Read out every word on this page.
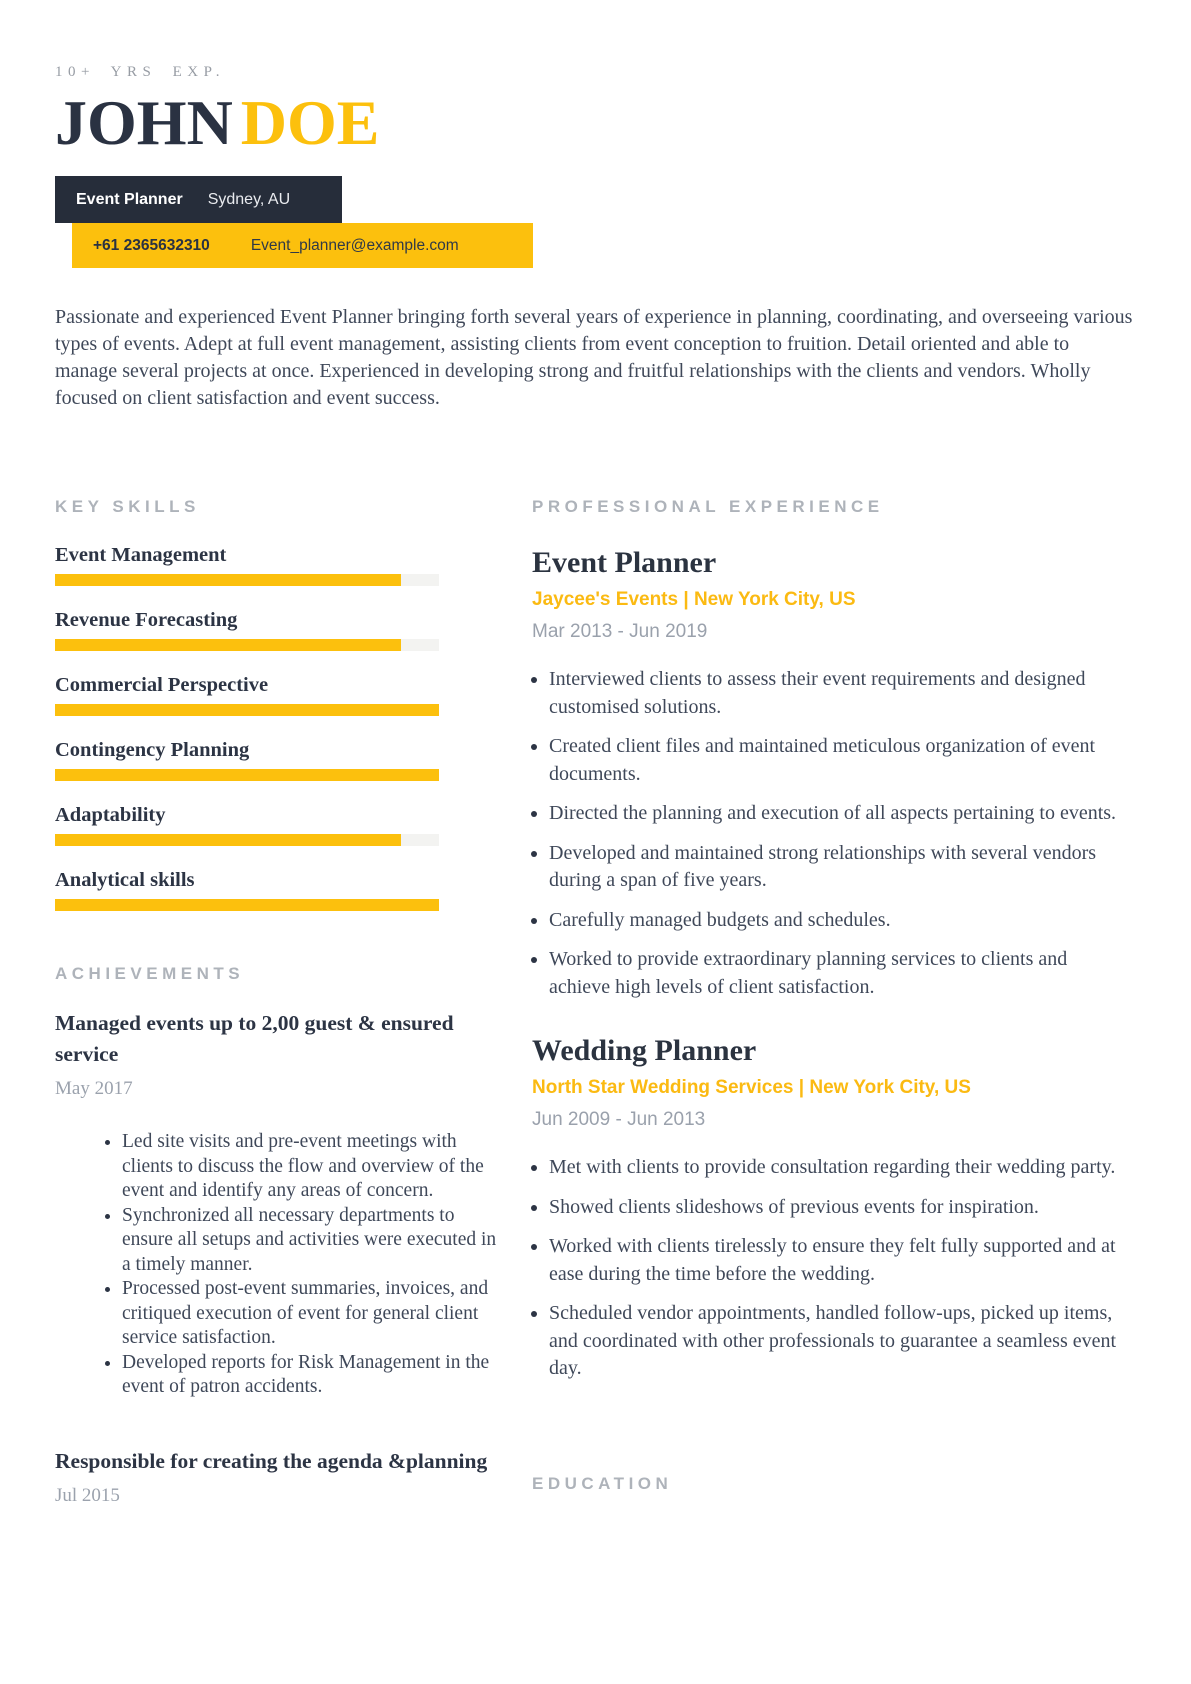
10+ YRS EXP.
JOHN DOE
Event Planner Sydney, AU
+61 2365632310	Event_planner@example.com

Passionate and experienced Event Planner bringing forth several years of experience in planning, coordinating, and overseeing various types of events. Adept at full event management, assisting clients from event conception to fruition. Detail oriented and able to manage several projects at once. Experienced in developing strong and fruitful relationships with the clients and vendors. Wholly focused on client satisfaction and event success.

KEY SKILLS
Event Management
Revenue Forecasting
Commercial Perspective
Contingency Planning
Adaptability
Analytical skills
ACHIEVEMENTS
Managed events up to 2,00 guest & ensured service
May 2017
• Led site visits and pre-event meetings with clients to discuss the flow and overview of the event and identify any areas of concern.
• Synchronized all necessary departments to ensure all setups and activities were executed in a timely manner.
• Processed post-event summaries, invoices, and critiqued execution of event for general client service satisfaction.
• Developed reports for Risk Management in the event of patron accidents.
Responsible for creating the agenda &planning
Jul 2015
PROFESSIONAL EXPERIENCE
Event Planner
Jaycee's Events | New York City, US
Mar 2013 - Jun 2019
• Interviewed clients to assess their event requirements and designed customised solutions.
• Created client files and maintained meticulous organization of event documents.
• Directed the planning and execution of all aspects pertaining to events.
• Developed and maintained strong relationships with several vendors during a span of five years.
• Carefully managed budgets and schedules.
• Worked to provide extraordinary planning services to clients and achieve high levels of client satisfaction.
Wedding Planner
North Star Wedding Services | New York City, US
Jun 2009 - Jun 2013
• Met with clients to provide consultation regarding their wedding party.
• Showed clients slideshows of previous events for inspiration.
• Worked with clients tirelessly to ensure they felt fully supported and at ease during the time before the wedding.
• Scheduled vendor appointments, handled follow-ups, picked up items, and coordinated with other professionals to guarantee a seamless event day.
EDUCATION
